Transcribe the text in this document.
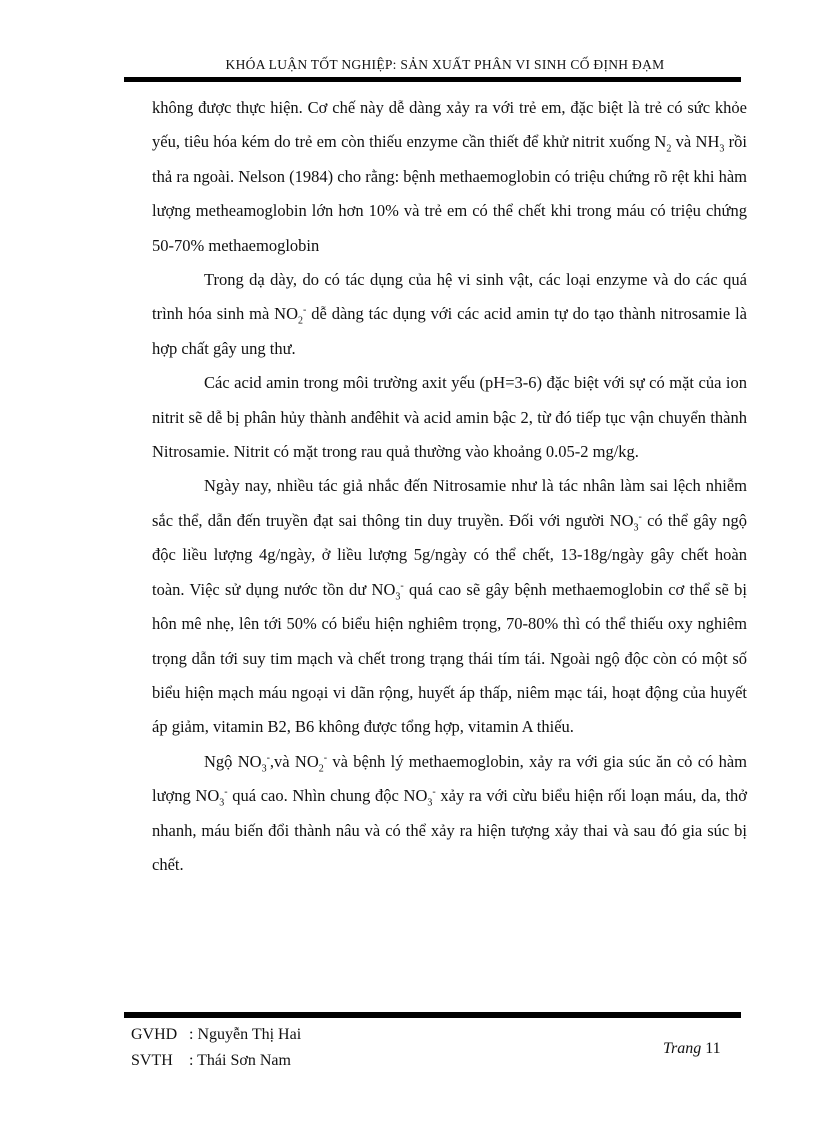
KHÓA LUẬN TỐT NGHIỆP: SẢN XUẤT PHÂN VI SINH CỐ ĐỊNH ĐẠM

không được thực hiện. Cơ chế này dễ dàng xảy ra với trẻ em, đặc biệt là trẻ có sức khỏe yếu, tiêu hóa kém do trẻ em còn thiếu enzyme cần thiết để khử nitrit xuống $N_2$ và $NH_3$ rồi thả ra ngoài. Nelson (1984) cho rằng: bệnh methaemoglobin có triệu chứng rõ rệt khi hàm lượng metheamoglobin lớn hơn 10% và trẻ em có thể chết khi trong máu có triệu chứng 50-70% methaemoglobin

Trong dạ dày, do có tác dụng của hệ vi sinh vật, các loại enzyme và do các quá trình hóa sinh mà $NO_2^-$ dễ dàng tác dụng với các acid amin tự do tạo thành nitrosamie là hợp chất gây ung thư.

Các acid amin trong môi trường axit yếu (pH=3-6) đặc biệt với sự có mặt của ion nitrit sẽ dễ bị phân hủy thành anđêhit và acid amin bậc 2, từ đó tiếp tục vận chuyển thành Nitrosamie. Nitrit có mặt trong rau quả thường vào khoảng 0.05-2 mg/kg.

Ngày nay, nhiều tác giả nhắc đến Nitrosamie như là tác nhân làm sai lệch nhiễm sắc thể, dẫn đến truyền đạt sai thông tin duy truyền. Đối với người $NO_3^-$ có thể gây ngộ độc liều lượng 4g/ngày, ở liều lượng 5g/ngày có thể chết, 13-18g/ngày gây chết hoàn toàn. Việc sử dụng nước tồn dư $NO_3^-$ quá cao sẽ gây bệnh methaemoglobin cơ thể sẽ bị hôn mê nhẹ, lên tới 50% có biểu hiện nghiêm trọng, 70-80% thì có thể thiếu oxy nghiêm trọng dẫn tới suy tim mạch và chết trong trạng thái tím tái. Ngoài ngộ độc còn có một số biểu hiện mạch máu ngoại vi dãn rộng, huyết áp thấp, niêm mạc tái, hoạt động của huyết áp giảm, vitamin B2, B6 không được tổng hợp, vitamin A thiếu.

Ngộ $NO_3^-,và$ $NO_2^-$ và bệnh lý methaemoglobin, xảy ra với gia súc ăn cỏ có hàm lượng $NO_3^-$ quá cao. Nhìn chung độc $NO_3^-$ xảy ra với cừu biểu hiện rối loạn máu, da, thở nhanh, máu biến đổi thành nâu và có thể xảy ra hiện tượng xảy thai và sau đó gia súc bị chết.

GVHD : Nguyễn Thị Hai
SVTH	: Thái Sơn Nam
Trang 11
